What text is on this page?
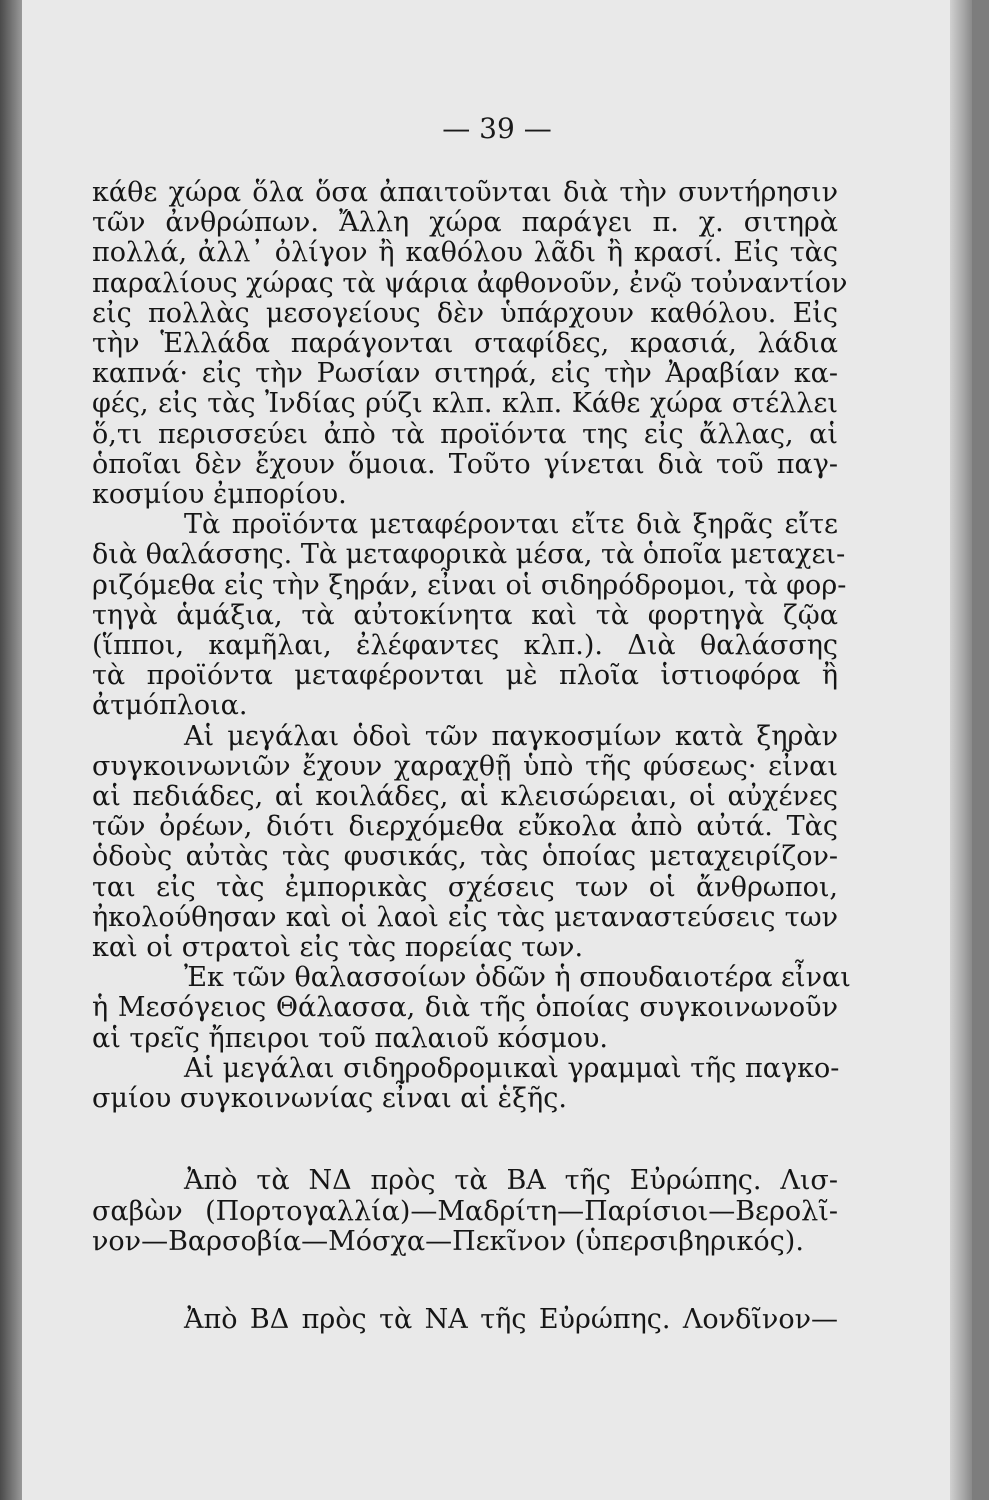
— 39 —
κάθε χώρα ὅλα ὅσα ἀπαιτοῦνται διὰ τὴν συντήρησιν
τῶν ἀνθρώπων. Ἄλλη χώρα παράγει π. χ. σιτηρὰ
πολλά, ἀλλ᾽ ὀλίγον ἢ καθόλου λᾶδι ἢ κρασί. Εἰς τὰς
παραλίους χώρας τὰ ψάρια ἀφθονοῦν, ἐνῷ τοὐναντίον
εἰς πολλὰς μεσογείους δὲν ὑπάρχουν καθόλου. Εἰς
τὴν Ἑλλάδα παράγονται σταφίδες, κρασιά, λάδια
καπνά· εἰς τὴν Ρωσίαν σιτηρά, εἰς τὴν Ἀραβίαν κα-
φές, εἰς τὰς Ἰνδίας ρύζι κλπ. κλπ. Κάθε χώρα στέλλει
ὅ,τι περισσεύει ἀπὸ τὰ προϊόντα της εἰς ἄλλας, αἱ
ὁποῖαι δὲν ἔχουν ὅμοια. Τοῦτο γίνεται διὰ τοῦ παγ-
κοσμίου ἐμπορίου.
Τὰ προϊόντα μεταφέρονται εἴτε διὰ ξηρᾶς εἴτε
διὰ θαλάσσης. Τὰ μεταφορικὰ μέσα, τὰ ὁποῖα μεταχει-
ριζόμεθα εἰς τὴν ξηράν, εἶναι οἱ σιδηρόδρομοι, τὰ φορ-
τηγὰ ἁμάξια, τὰ αὐτοκίνητα καὶ τὰ φορτηγὰ ζῷα
(ἵπποι, καμῆλαι, ἐλέφαντες κλπ.). Διὰ θαλάσσης
τὰ προϊόντα μεταφέρονται μὲ πλοῖα ἱστιοφόρα ἢ
ἀτμόπλοια.
Αἱ μεγάλαι ὁδοὶ τῶν παγκοσμίων κατὰ ξηρὰν
συγκοινωνιῶν ἔχουν χαραχθῇ ὑπὸ τῆς φύσεως· εἶναι
αἱ πεδιάδες, αἱ κοιλάδες, αἱ κλεισώρειαι, οἱ αὐχένες
τῶν ὀρέων, διότι διερχόμεθα εὔκολα ἀπὸ αὐτά. Τὰς
ὁδοὺς αὐτὰς τὰς φυσικάς, τὰς ὁποίας μεταχειρίζον-
ται εἰς τὰς ἐμπορικὰς σχέσεις των οἱ ἄνθρωποι,
ἠκολούθησαν καὶ οἱ λαοὶ εἰς τὰς μεταναστεύσεις των
καὶ οἱ στρατοὶ εἰς τὰς πορείας των.
Ἐκ τῶν θαλασσοίων ὁδῶν ἡ σπουδαιοτέρα εἶναι
ἡ Μεσόγειος Θάλασσα, διὰ τῆς ὁποίας συγκοινωνοῦν
αἱ τρεῖς ἤπειροι τοῦ παλαιοῦ κόσμου.
Αἱ μεγάλαι σιδηροδρομικαὶ γραμμαὶ τῆς παγκο-
σμίου συγκοινωνίας εἶναι αἱ ἑξῆς.
Ἀπὸ τὰ ΝΔ πρὸς τὰ ΒΑ τῆς Εὐρώπης. Λισ-
σαβὼν (Πορτογαλλία)—Μαδρίτη—Παρίσιοι—Βερολῖ-
νον—Βαρσοβία—Μόσχα—Πεκῖνον (ὑπερσιβηρικός).
Ἀπὸ ΒΔ πρὸς τὰ ΝΑ τῆς Εὐρώπης. Λονδῖνον—
